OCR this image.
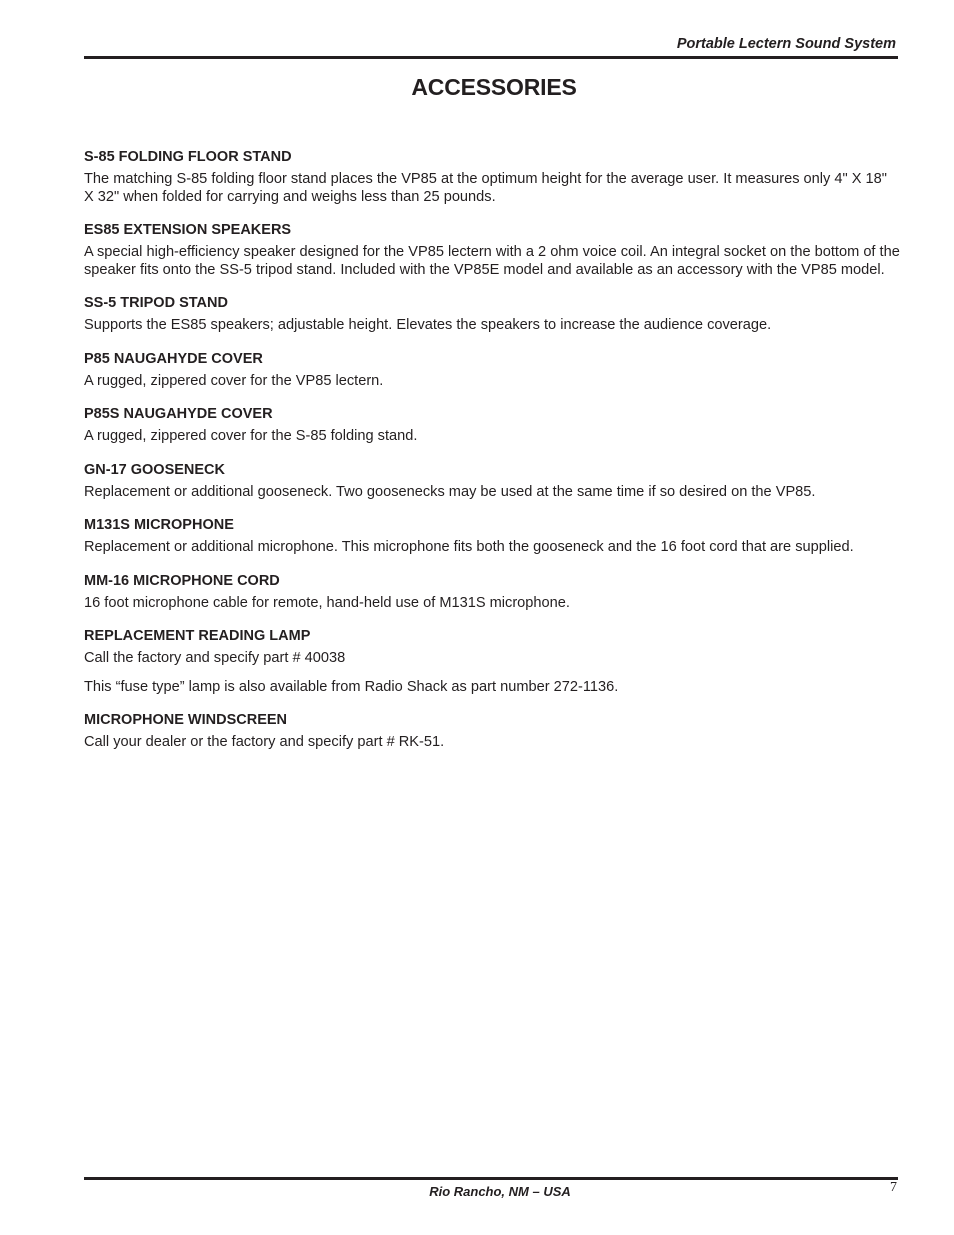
Portable Lectern Sound System
ACCESSORIES
S-85 FOLDING FLOOR STAND

The matching S-85 folding floor stand places the VP85 at the optimum height for the average user. It measures only 4" X 18" X 32" when folded for carrying and weighs less than 25 pounds.

ES85 EXTENSION SPEAKERS

A special high-efficiency speaker designed for the VP85 lectern with a 2 ohm voice coil. An integral socket on the bottom of the speaker fits onto the SS-5 tripod stand. Included with the VP85E model and available as an accessory with the VP85 model.

SS-5 TRIPOD STAND

Supports the ES85 speakers; adjustable height. Elevates the speakers to increase the audience coverage.

P85 NAUGAHYDE COVER

A rugged, zippered cover for the VP85 lectern.

P85S NAUGAHYDE COVER

A rugged, zippered cover for the S-85 folding stand.

GN-17 GOOSENECK

Replacement or additional gooseneck. Two goosenecks may be used at the same time if so desired on the VP85.

M131S MICROPHONE

Replacement or additional microphone. This microphone fits both the gooseneck and the 16 foot cord that are supplied.

MM-16 MICROPHONE CORD

16 foot microphone cable for remote, hand-held use of M131S microphone.

REPLACEMENT READING LAMP

Call the factory and specify part # 40038

This “fuse type” lamp is also available from Radio Shack as part number 272-1136.

MICROPHONE WINDSCREEN

Call your dealer or the factory and specify part # RK-51.

Rio Rancho, NM – USA	7
